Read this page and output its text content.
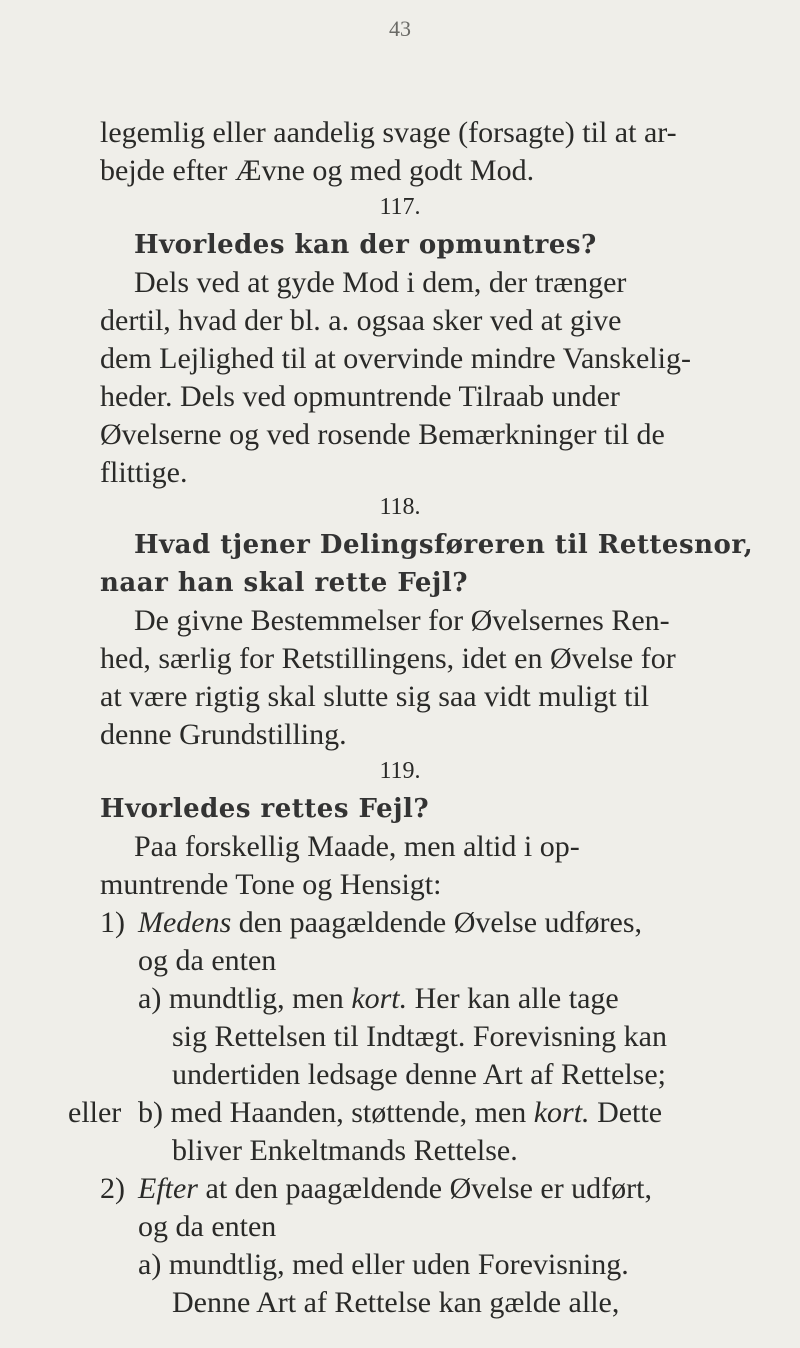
43
legemlig eller aandelig svage (forsagte) til at ar-
bejde efter Ævne og med godt Mod.
117.
Hvorledes kan der opmuntres?
Dels ved at gyde Mod i dem, der trænger
dertil, hvad der bl. a. ogsaa sker ved at give
dem Lejlighed til at overvinde mindre Vanskelig-
heder. Dels ved opmuntrende Tilraab under
Øvelserne og ved rosende Bemærkninger til de
flittige.
118.
Hvad tjener Delingsføreren til Rettesnor,
naar han skal rette Fejl?
De givne Bestemmelser for Øvelsernes Ren-
hed, særlig for Retstillingens, idet en Øvelse for
at være rigtig skal slutte sig saa vidt muligt til
denne Grundstilling.
119.
Hvorledes rettes Fejl?
Paa forskellig Maade, men altid i op-
muntrende Tone og Hensigt:
1) Medens den paagældende Øvelse udføres,
og da enten
a) mundtlig, men kort. Her kan alle tage
sig Rettelsen til Indtægt. Forevisning kan
undertiden ledsage denne Art af Rettelse;
eller b) med Haanden, støttende, men kort. Dette
bliver Enkeltmands Rettelse.
2) Efter at den paagældende Øvelse er udført,
og da enten
a) mundtlig, med eller uden Forevisning.
Denne Art af Rettelse kan gælde alle,
